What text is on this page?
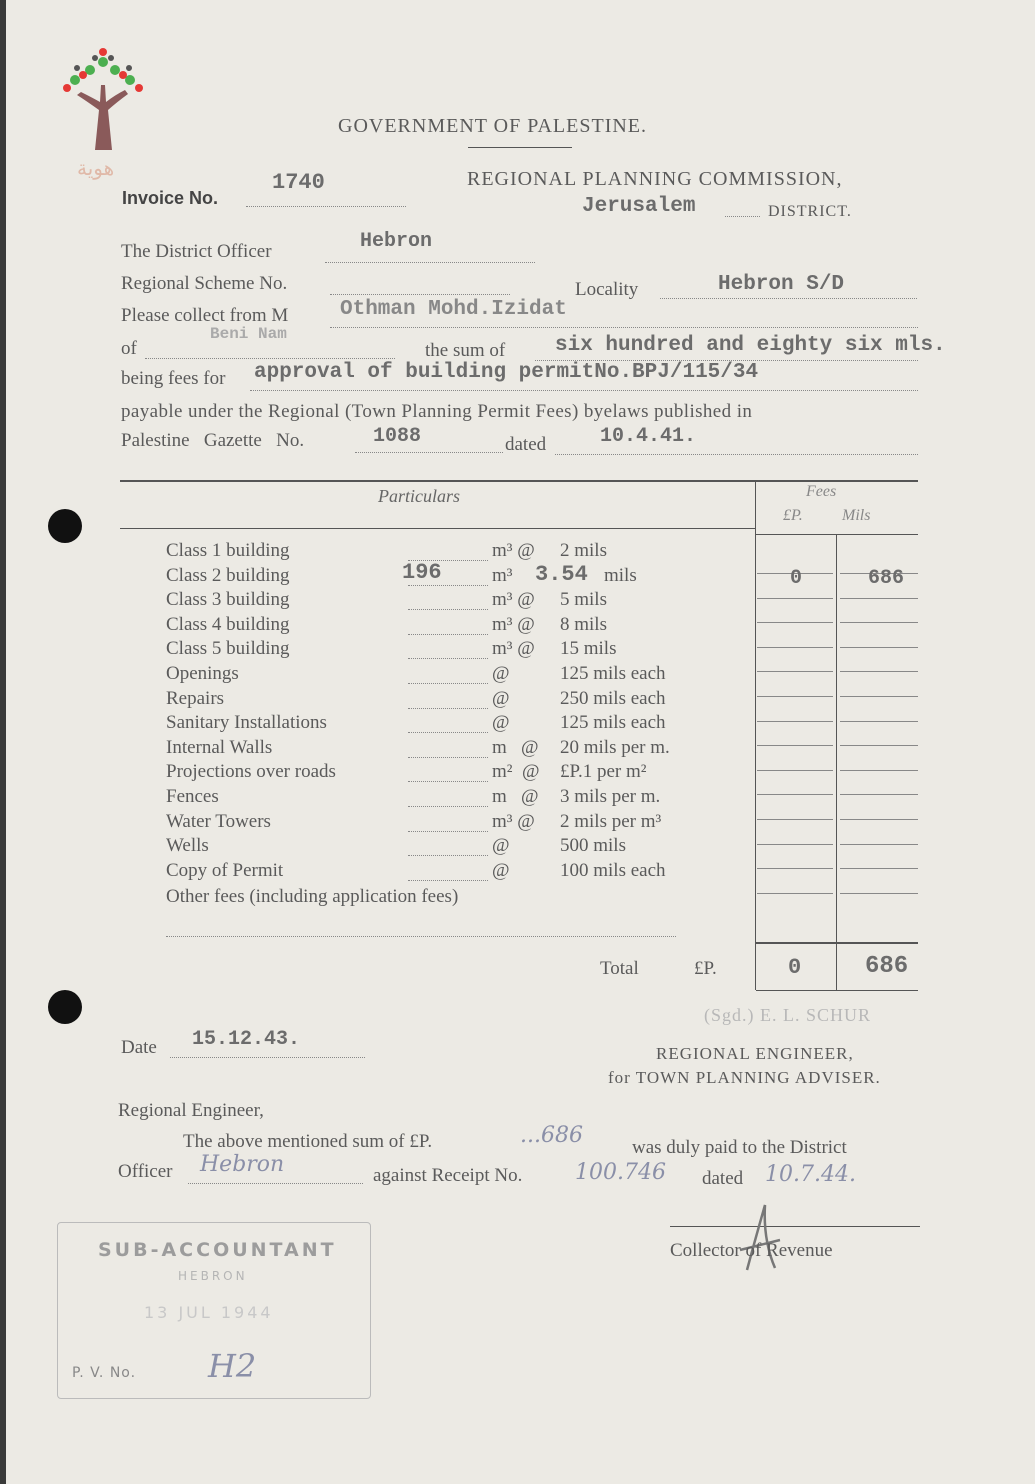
هوية
GOVERNMENT OF PALESTINE.
REGIONAL PLANNING COMMISSION,
Jerusalem	DISTRICT.
Invoice No.
1740
The District Officer	Hebron
Regional Scheme No.	Locality	Hebron S/D
Please collect from M Othman Mohd.Izidat
of
Beni Nam
the sum of six hundred and eighty six mls.
being fees for approval of building permitNo.BPJ/115/34
payable under the Regional (Town Planning Permit Fees) byelaws published in
Palestine   Gazette   No.	1088	dated	10.4.41.
Particulars	Fees
£P. Mils
Class 1 building	m³ @ 2 mils
Class 2 building	196	m³ 3.54 mils	0	686
Class 3 building	m³ @ 5 mils
Class 4 building	m³ @ 8 mils
Class 5 building	m³ @ 15 mils
Openings	@	125 mils each
Repairs	@	250 mils each
Sanitary Installations	@	125 mils each
Internal Walls	m   @ 20 mils per m.
Projections over roads	m²  @ £P.1 per m²
Fences	m   @ 3 mils per m.
Water Towers	m³ @ 2 mils per m³
Wells	@	500 mils
Copy of Permit	@	100 mils each
Other fees (including application fees)
Total	£P.	0	686
(Sgd.) E. L. SCHUR
REGIONAL ENGINEER,
for TOWN PLANNING ADVISER.
Date 15.12.43.
Regional Engineer,
The above mentioned sum of £P.	...686	was duly paid to the District
Officer Hebron	against Receipt No. 100.746 dated 10.7.44.
Collector of Revenue
SUB-ACCOUNTANT
HEBRON
13 JUL 1944
P. V. No. H2
